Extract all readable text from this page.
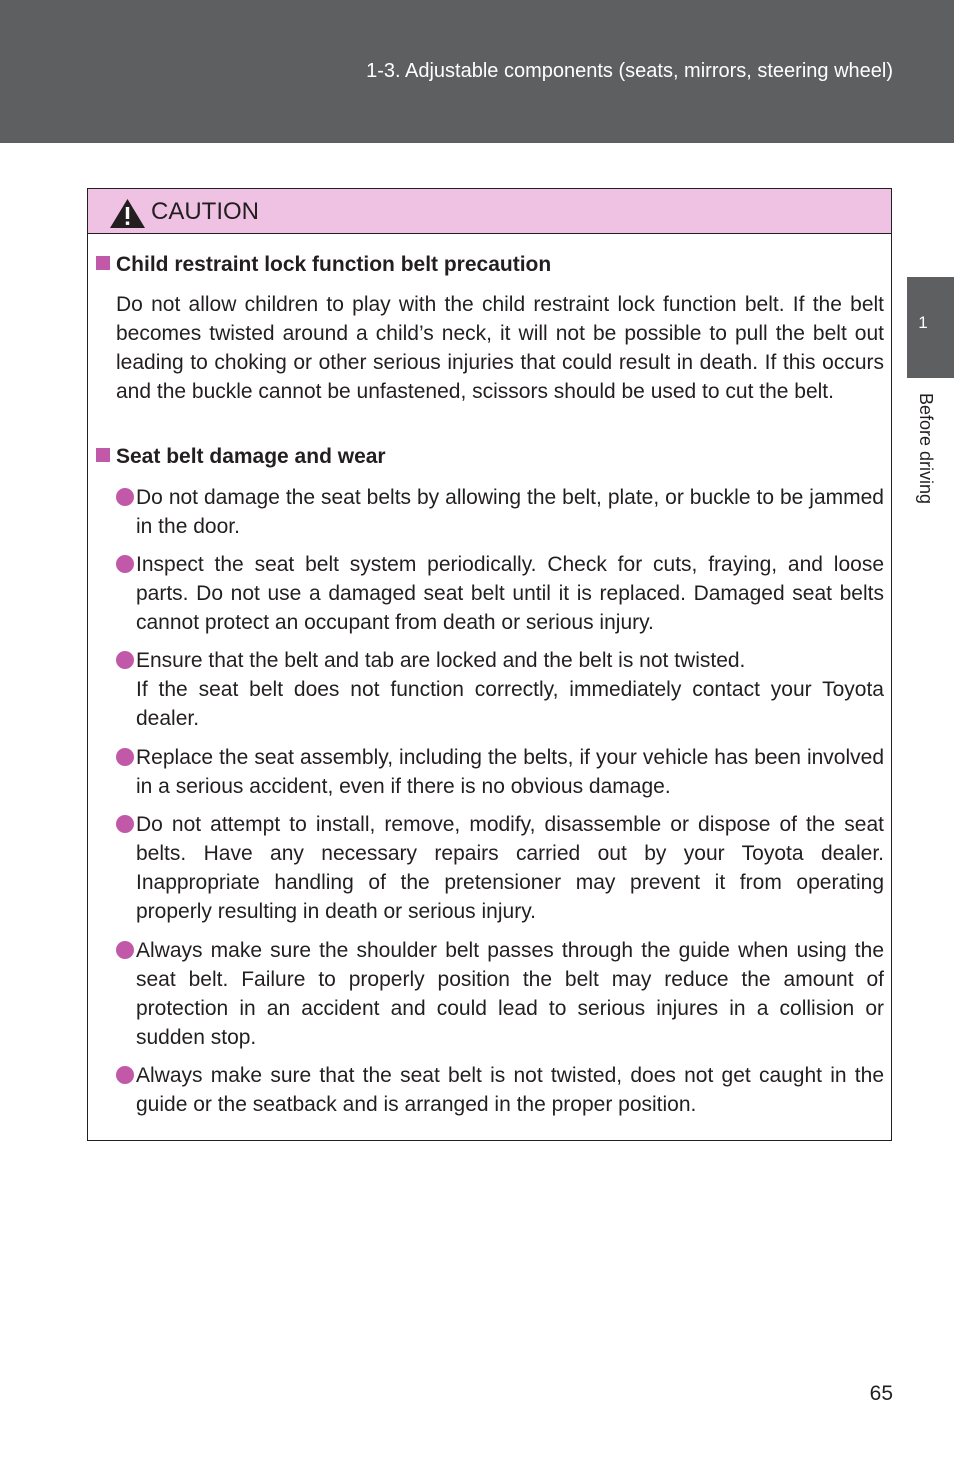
1-3. Adjustable components (seats, mirrors, steering wheel)
1
Before driving
CAUTION
Child restraint lock function belt precaution

Do not allow children to play with the child restraint lock function belt. If the belt becomes twisted around a child’s neck, it will not be possible to pull the belt out leading to choking or other serious injuries that could result in death. If this occurs and the buckle cannot be unfastened, scissors should be used to cut the belt.

Seat belt damage and wear

Do not damage the seat belts by allowing the belt, plate, or buckle to be jammed in the door.

Inspect the seat belt system periodically. Check for cuts, fraying, and loose parts. Do not use a damaged seat belt until it is replaced. Damaged seat belts cannot protect an occupant from death or serious injury.

Ensure that the belt and tab are locked and the belt is not twisted.
If the seat belt does not function correctly, immediately contact your Toyota dealer.

Replace the seat assembly, including the belts, if your vehicle has been involved in a serious accident, even if there is no obvious damage.

Do not attempt to install, remove, modify, disassemble or dispose of the seat belts. Have any necessary repairs carried out by your Toyota dealer. Inappropriate handling of the pretensioner may prevent it from operating properly resulting in death or serious injury.

Always make sure the shoulder belt passes through the guide when using the seat belt. Failure to properly position the belt may reduce the amount of protection in an accident and could lead to serious injures in a collision or sudden stop.

Always make sure that the seat belt is not twisted, does not get caught in the guide or the seatback and is arranged in the proper position.

65
